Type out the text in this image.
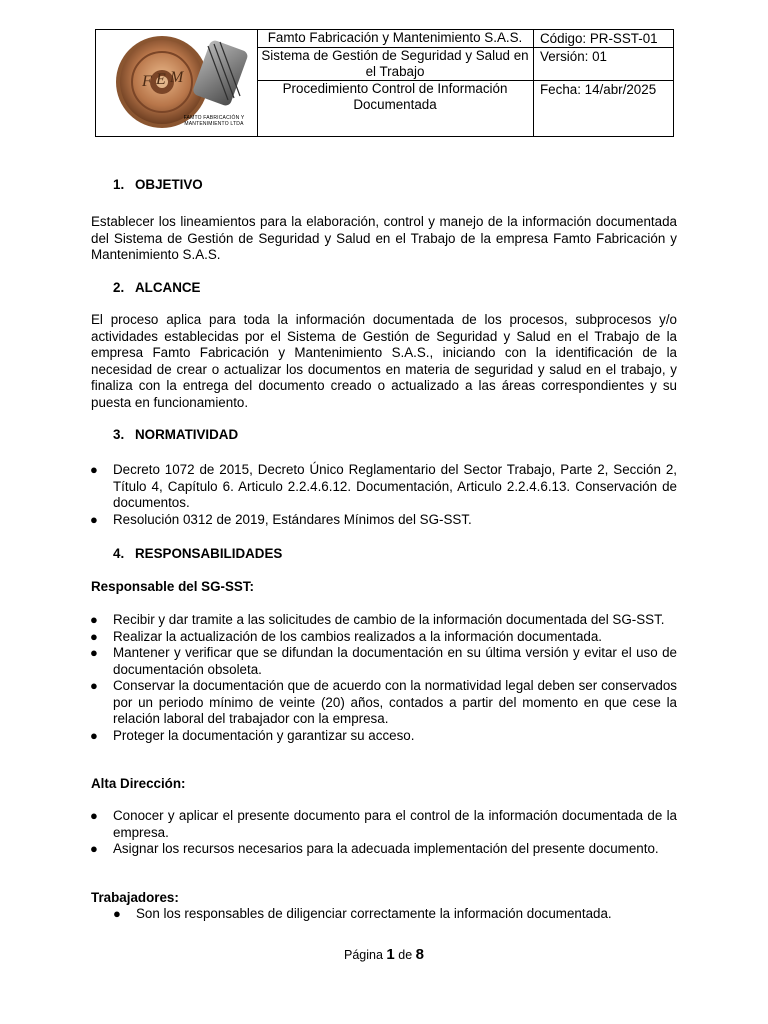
F E M
FAMTO FABRICACIÓN Y MANTENIMIENTO LTDA
Famto Fabricación y Mantenimiento S.A.S.
Sistema de Gestión de Seguridad y Salud en el Trabajo
Procedimiento Control de Información Documentada
Código: PR-SST-01
Versión: 01
Fecha: 14/abr/2025
1. OBJETIVO
Establecer los lineamientos para la elaboración, control y manejo de la información documentada del Sistema de Gestión de Seguridad y Salud en el Trabajo de la empresa Famto Fabricación y Mantenimiento S.A.S.
2. ALCANCE
El proceso aplica para toda la información documentada de los procesos, subprocesos y/o actividades establecidas por el Sistema de Gestión de Seguridad y Salud en el Trabajo de la empresa Famto Fabricación y Mantenimiento S.A.S., iniciando con la identificación de la necesidad de crear o actualizar los documentos en materia de seguridad y salud en el trabajo, y finaliza con la entrega del documento creado o actualizado a las áreas correspondientes y su puesta en funcionamiento.
3. NORMATIVIDAD
● Decreto 1072 de 2015, Decreto Único Reglamentario del Sector Trabajo, Parte 2, Sección 2, Título 4, Capítulo 6. Articulo 2.2.4.6.12. Documentación, Articulo 2.2.4.6.13. Conservación de documentos.
● Resolución 0312 de 2019, Estándares Mínimos del SG-SST.
4. RESPONSABILIDADES
Responsable del SG-SST:
● Recibir y dar tramite a las solicitudes de cambio de la información documentada del SG-SST.
● Realizar la actualización de los cambios realizados a la información documentada.
● Mantener y verificar que se difundan la documentación en su última versión y evitar el uso de documentación obsoleta.
● Conservar la documentación que de acuerdo con la normatividad legal deben ser conservados por un periodo mínimo de veinte (20) años, contados a partir del momento en que cese la relación laboral del trabajador con la empresa.
● Proteger la documentación y garantizar su acceso.
Alta Dirección:
● Conocer y aplicar el presente documento para el control de la información documentada de la empresa.
● Asignar los recursos necesarios para la adecuada implementación del presente documento.
Trabajadores:
● Son los responsables de diligenciar correctamente la información documentada.
Página 1 de 8
